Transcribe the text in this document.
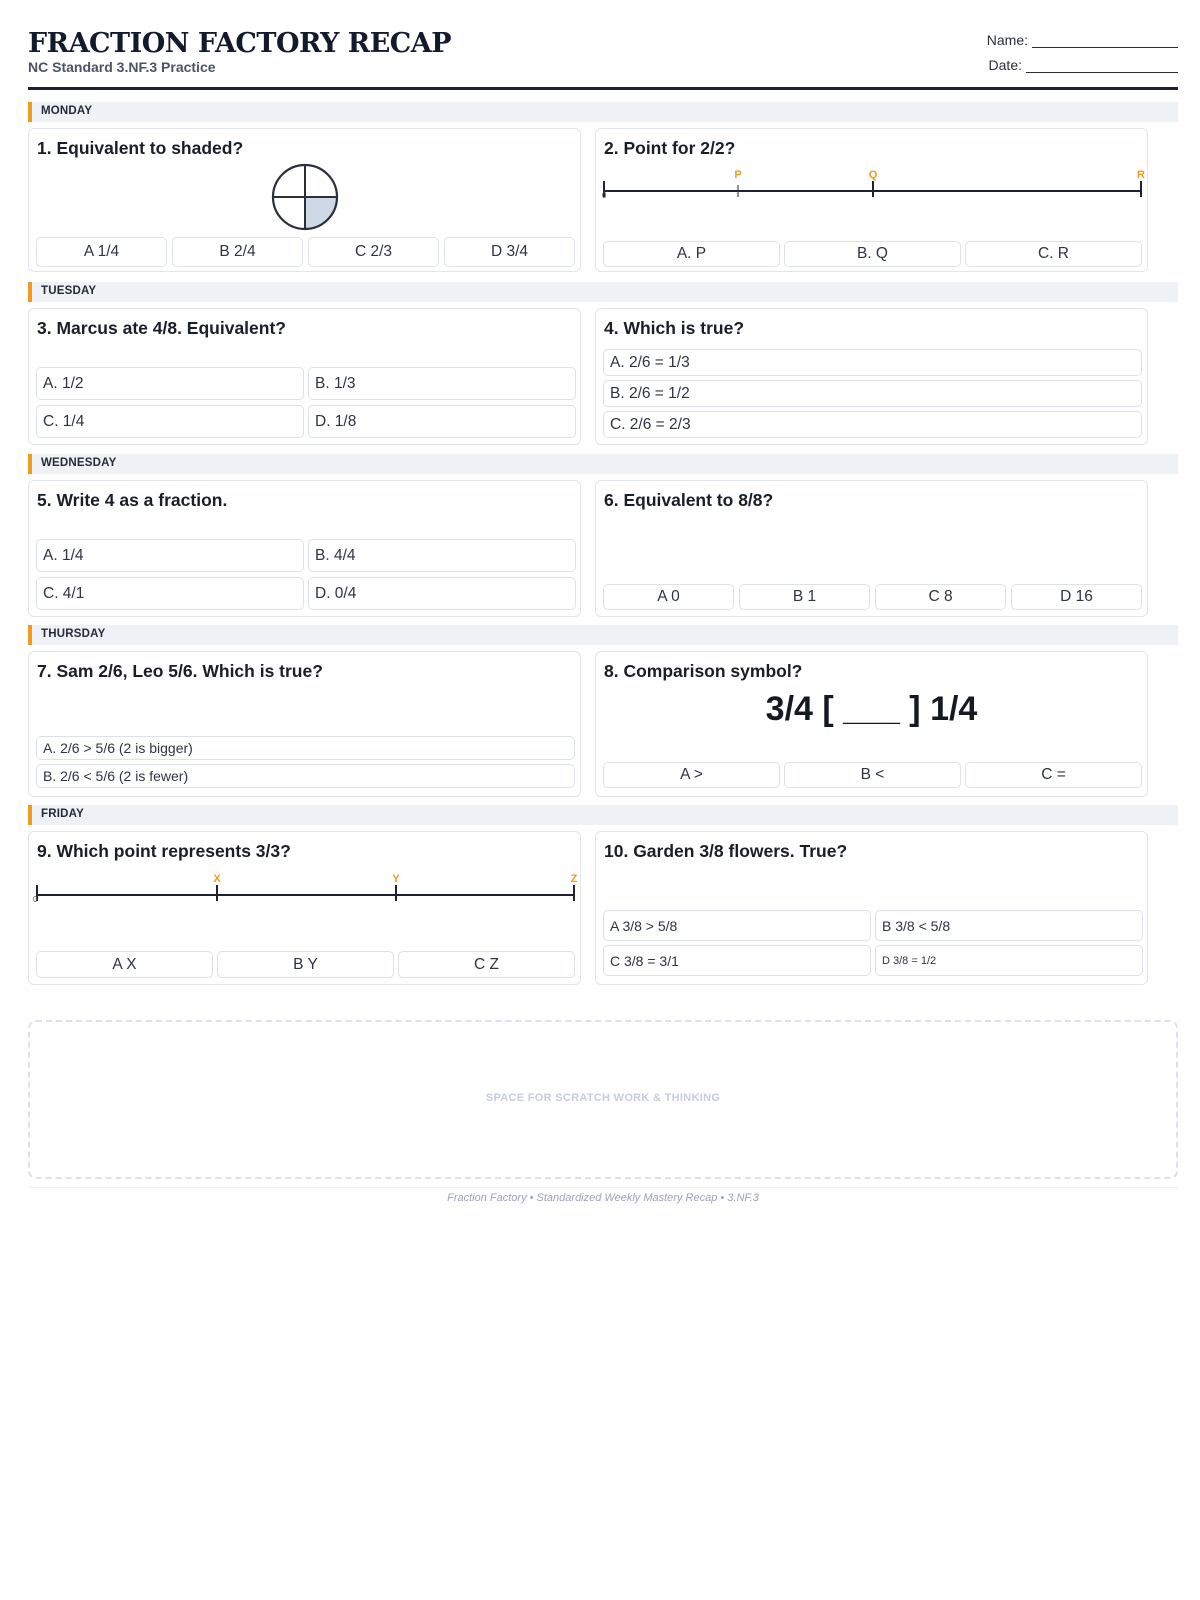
FRACTION FACTORY RECAP
NC Standard 3.NF.3 Practice
Name:
Date:
MONDAY
1. Equivalent to shaded?
A 1/4	B 2/4	C 2/3	D 3/4
2. Point for 2/2?
0
P	Q	R
A. P	B. Q	C. R
TUESDAY
3. Marcus ate 4/8. Equivalent?
A. 1/2	B. 1/3
C. 1/4	D. 1/8
4. Which is true?
A. 2/6 = 1/3
B. 2/6 = 1/2
C. 2/6 = 2/3
WEDNESDAY
5. Write 4 as a fraction.
A. 1/4	B. 4/4
C. 4/1	D. 0/4
6. Equivalent to 8/8?
A 0	B 1	C 8	D 16
THURSDAY
7. Sam 2/6, Leo 5/6. Which is true?
A. 2/6 > 5/6 (2 is bigger)
B. 2/6 < 5/6 (2 is fewer)
8. Comparison symbol?
3/4 [ ___ ] 1/4
A >	B <	C =
FRIDAY
9. Which point represents 3/3?
0
X	Y	Z
A X	B Y	C Z
10. Garden 3/8 flowers. True?
A 3/8 > 5/8	B 3/8 < 5/8
C 3/8 = 3/1	D 3/8 = 1/2
SPACE FOR SCRATCH WORK & THINKING
Fraction Factory • Standardized Weekly Mastery Recap • 3.NF.3
